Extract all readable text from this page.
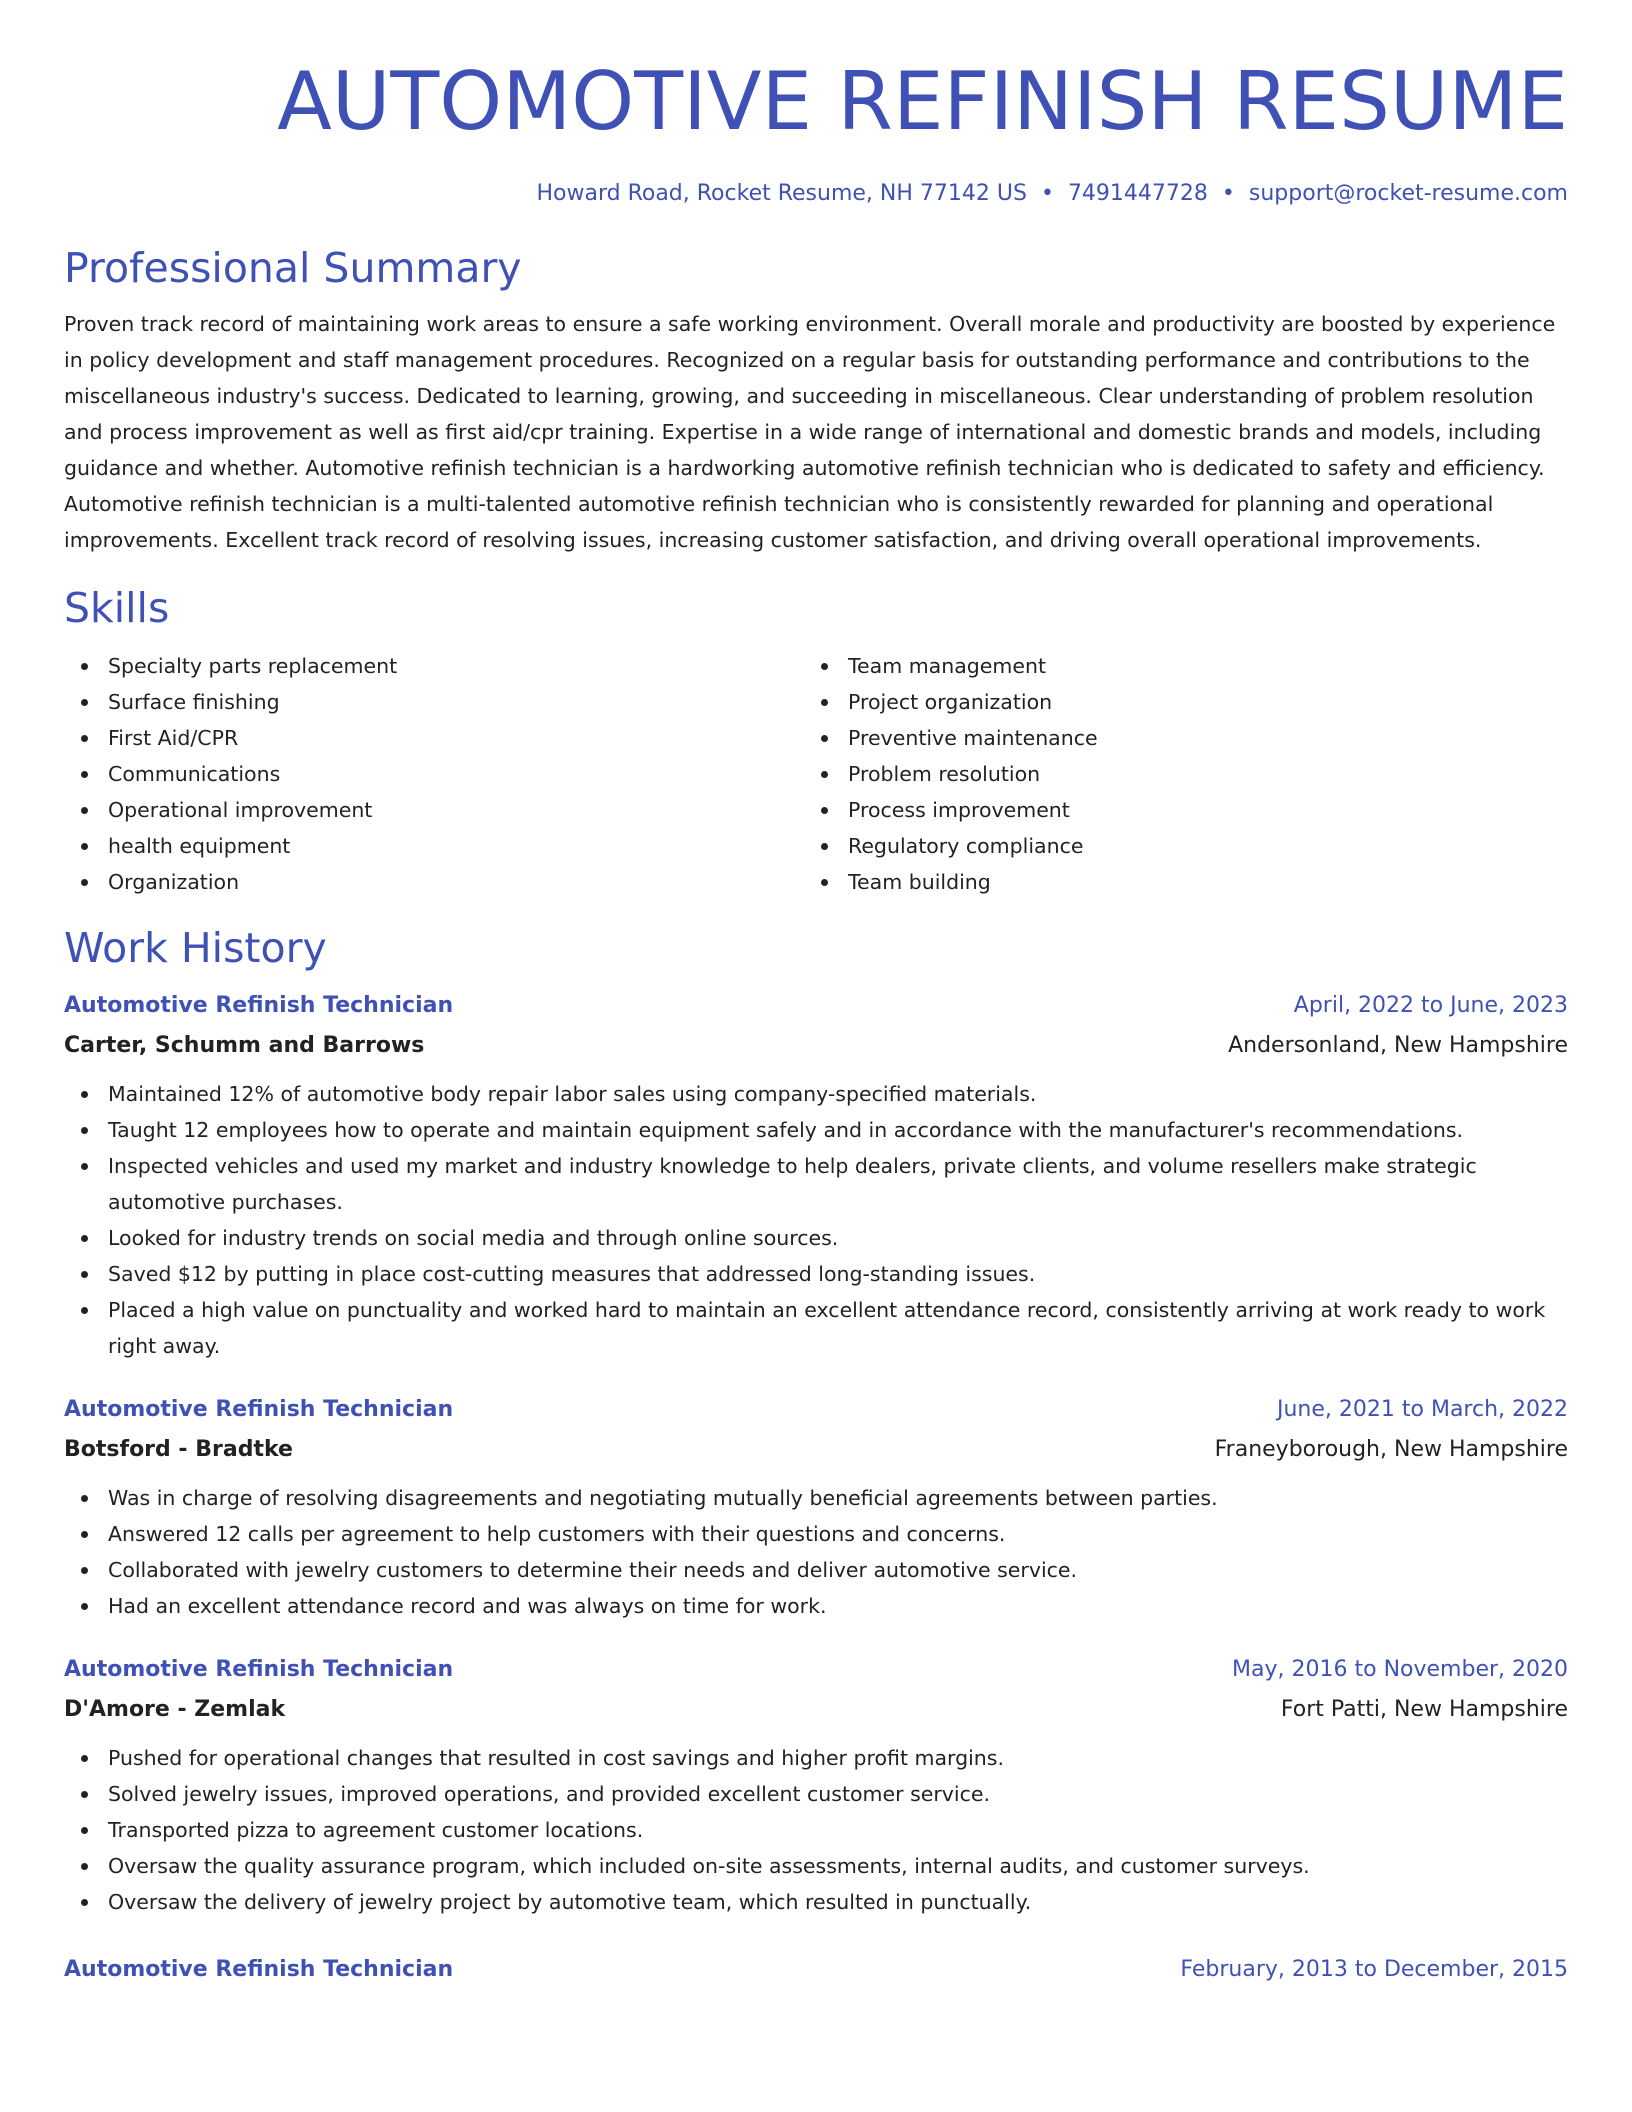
AUTOMOTIVE REFINISH RESUME
Howard Road, Rocket Resume, NH 77142 US • 7491447728 • support@rocket-resume.com
Professional Summary
Proven track record of maintaining work areas to ensure a safe working environment. Overall morale and productivity are boosted by experience in policy development and staff management procedures. Recognized on a regular basis for outstanding performance and contributions to the miscellaneous industry's success. Dedicated to learning, growing, and succeeding in miscellaneous. Clear understanding of problem resolution and process improvement as well as first aid/cpr training. Expertise in a wide range of international and domestic brands and models, including guidance and whether. Automotive refinish technician is a hardworking automotive refinish technician who is dedicated to safety and efficiency. Automotive refinish technician is a multi-talented automotive refinish technician who is consistently rewarded for planning and operational improvements. Excellent track record of resolving issues, increasing customer satisfaction, and driving overall operational improvements.
Skills
Specialty parts replacement
Surface finishing
First Aid/CPR
Communications
Operational improvement
health equipment
Organization
Team management
Project organization
Preventive maintenance
Problem resolution
Process improvement
Regulatory compliance
Team building
Work History
Automotive Refinish Technician	April, 2022 to June, 2023
Carter, Schumm and Barrows	Andersonland, New Hampshire
Maintained 12% of automotive body repair labor sales using company-specified materials.
Taught 12 employees how to operate and maintain equipment safely and in accordance with the manufacturer's recommendations.
Inspected vehicles and used my market and industry knowledge to help dealers, private clients, and volume resellers make strategic automotive purchases.
Looked for industry trends on social media and through online sources.
Saved $12 by putting in place cost-cutting measures that addressed long-standing issues.
Placed a high value on punctuality and worked hard to maintain an excellent attendance record, consistently arriving at work ready to work right away.
Automotive Refinish Technician	June, 2021 to March, 2022
Botsford - Bradtke	Franeyborough, New Hampshire
Was in charge of resolving disagreements and negotiating mutually beneficial agreements between parties.
Answered 12 calls per agreement to help customers with their questions and concerns.
Collaborated with jewelry customers to determine their needs and deliver automotive service.
Had an excellent attendance record and was always on time for work.
Automotive Refinish Technician	May, 2016 to November, 2020
D'Amore - Zemlak	Fort Patti, New Hampshire
Pushed for operational changes that resulted in cost savings and higher profit margins.
Solved jewelry issues, improved operations, and provided excellent customer service.
Transported pizza to agreement customer locations.
Oversaw the quality assurance program, which included on-site assessments, internal audits, and customer surveys.
Oversaw the delivery of jewelry project by automotive team, which resulted in punctually.
Automotive Refinish Technician	February, 2013 to December, 2015
